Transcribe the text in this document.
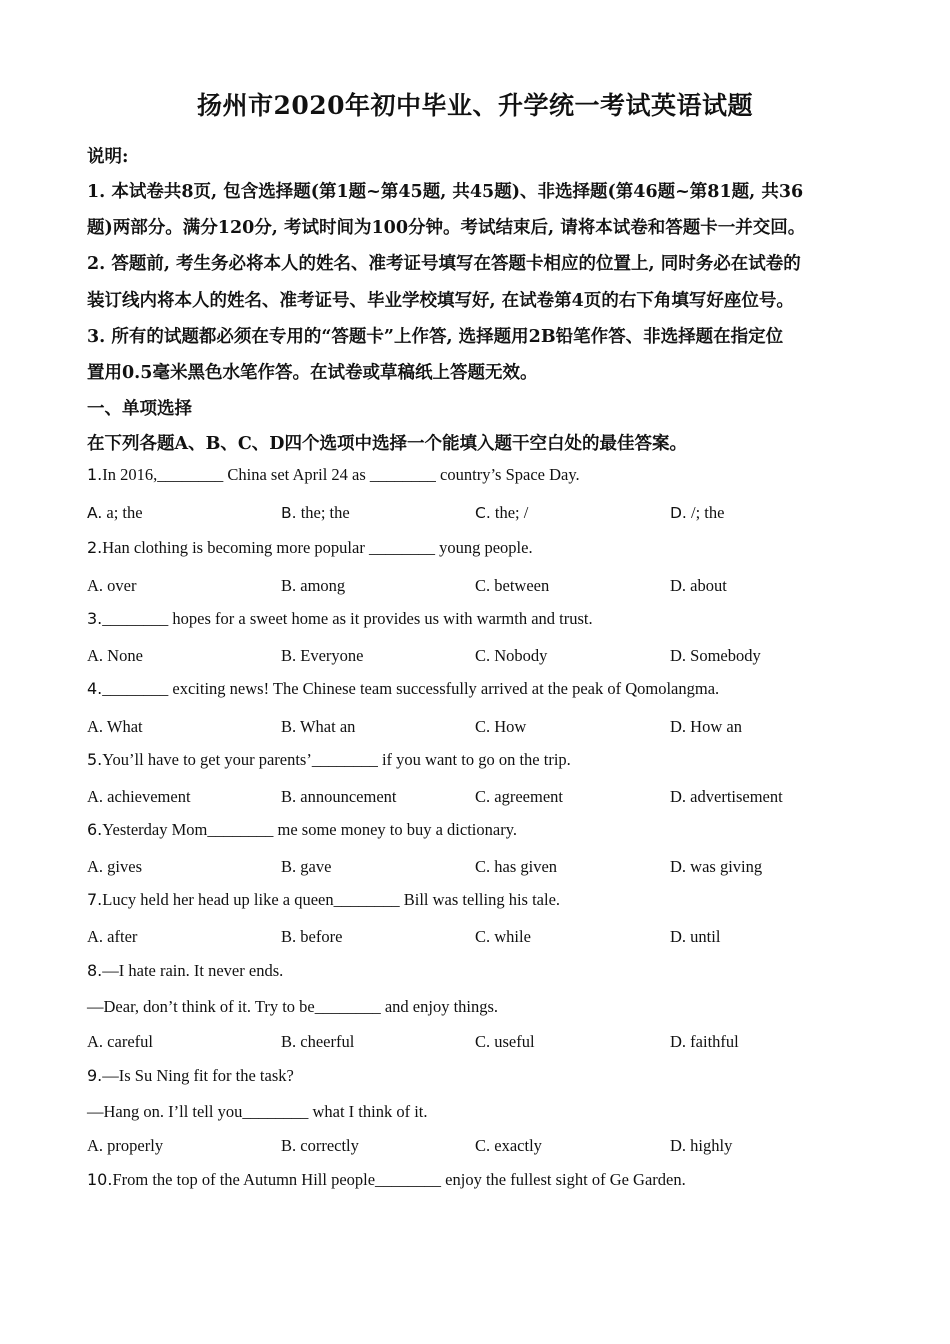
扬州市2020年初中毕业、升学统一考试英语试题
说明:
1. 本试卷共8页, 包含选择题(第1题~第45题, 共45题)、非选择题(第46题~第81题, 共36
题)两部分。满分120分, 考试时间为100分钟。考试结束后, 请将本试卷和答题卡一并交回。
2. 答题前, 考生务必将本人的姓名、准考证号填写在答题卡相应的位置上, 同时务必在试卷的
装订线内将本人的姓名、准考证号、毕业学校填写好, 在试卷第4页的右下角填写好座位号。
3. 所有的试题都必须在专用的“答题卡”上作答, 选择题用2B铅笔作答、非选择题在指定位
置用0.5毫米黑色水笔作答。在试卷或草稿纸上答题无效。
一、单项选择
在下列各题A、B、C、D四个选项中选择一个能填入题干空白处的最佳答案。
1.In 2016,________ China set April 24 as ________ country’s Space Day.
A. a; the	B. the; the	C. the; /	D. /; the
2.Han clothing is becoming more popular ________ young people.
A. over	B. among	C. between	D. about
3.________ hopes for a sweet home as it provides us with warmth and trust.
A. None	B. Everyone	C. Nobody	D. Somebody
4.________ exciting news! The Chinese team successfully arrived at the peak of Qomolangma.
A. What	B. What an	C. How	D. How an
5.You’ll have to get your parents’________ if you want to go on the trip.
A. achievement	B. announcement	C. agreement	D. advertisement
6.Yesterday Mom________ me some money to buy a dictionary.
A. gives	B. gave	C. has given	D. was giving
7.Lucy held her head up like a queen________ Bill was telling his tale.
A. after	B. before	C. while	D. until
8.—I hate rain. It never ends.
—Dear, don’t think of it. Try to be________ and enjoy things.
A. careful	B. cheerful	C. useful	D. faithful
9.—Is Su Ning fit for the task?
—Hang on. I’ll tell you________ what I think of it.
A. properly	B. correctly	C. exactly	D. highly
10.From the top of the Autumn Hill people________ enjoy the fullest sight of Ge Garden.
